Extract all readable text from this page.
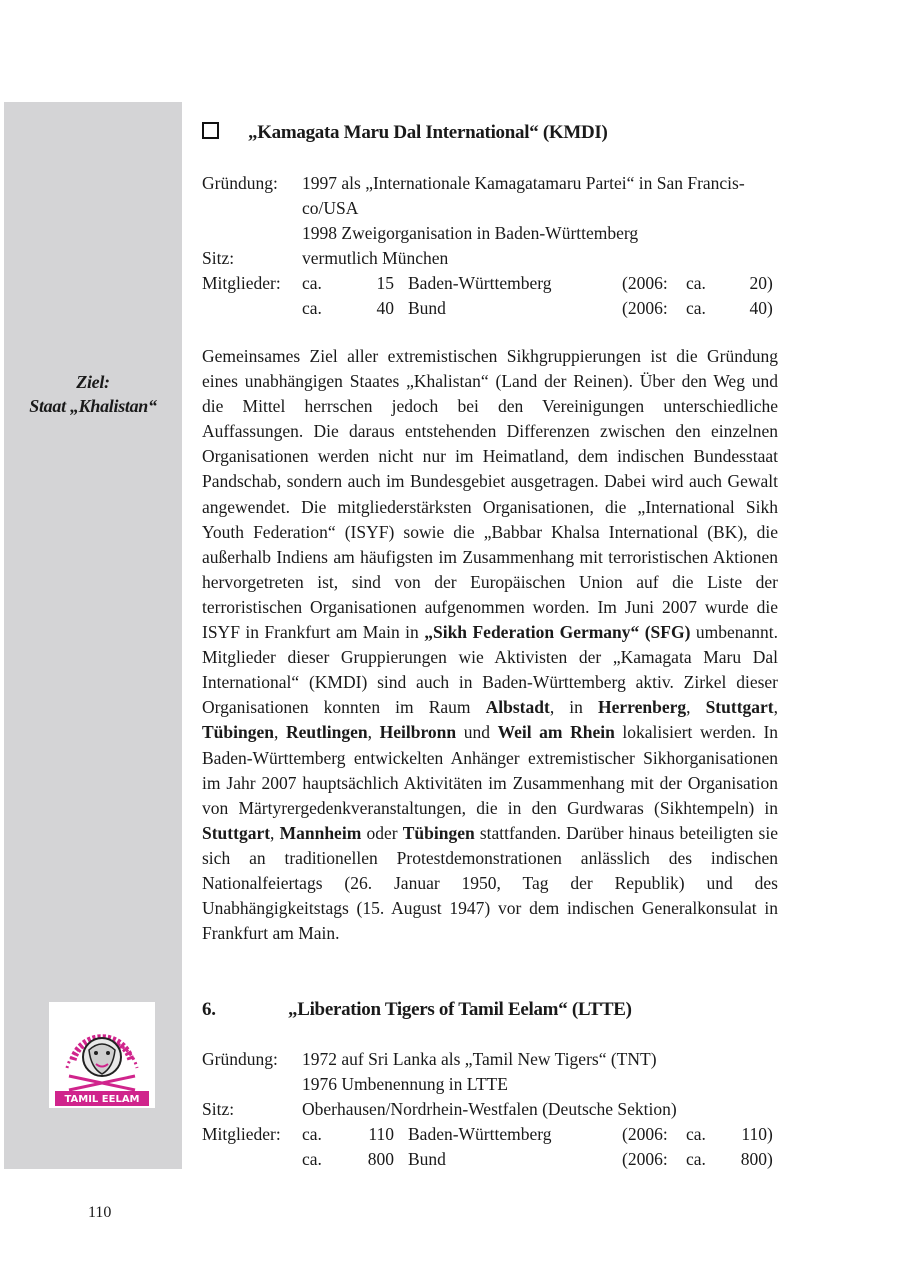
Ziel:
Staat „Khalistan“
TAMIL EELAM
„Kamagata Maru Dal International“ (KMDI)
Gründung: 1997 als „Internationale Kamagatamaru Partei“ in San Francis-
co/USA
1998 Zweigorganisation in Baden-Württemberg
Sitz:	vermutlich München
Mitglieder: ca.	15 Baden-Württemberg	(2006: ca.	20 )
ca.	40 Bund	(2006: ca.	40 )
Gemeinsames Ziel aller extremistischen Sikhgruppierungen ist die Gründung eines unabhängigen Staates „Khalistan“ (Land der Reinen). Über den Weg und die Mittel herrschen jedoch bei den Vereinigungen unterschiedliche Auffassungen. Die daraus entstehenden Differenzen zwischen den einzelnen Organisationen werden nicht nur im Heimatland, dem indischen Bundesstaat Pandschab, sondern auch im Bundesgebiet ausgetragen. Dabei wird auch Gewalt angewendet. Die mitgliederstärksten Organisationen, die „International Sikh Youth Federation“ (ISYF) sowie die „Babbar Khalsa International (BK), die außerhalb Indiens am häufigsten im Zusammenhang mit terroristischen Aktionen hervorgetreten ist, sind von der Europäischen Union auf die Liste der terroristischen Organisationen aufgenommen worden. Im Juni 2007 wurde die ISYF in Frankfurt am Main in „Sikh Federation Germany“ (SFG) umbenannt. Mitglieder dieser Gruppierungen wie Aktivisten der „Kamagata Maru Dal International“ (KMDI) sind auch in Baden-Württemberg aktiv. Zirkel dieser Organisationen konnten im Raum Albstadt, in Herrenberg, Stuttgart, Tübingen, Reutlingen, Heilbronn und Weil am Rhein lokalisiert werden. In Baden-Württemberg entwickelten Anhänger extremistischer Sikhorganisationen im Jahr 2007 hauptsächlich Aktivitäten im Zusammenhang mit der Organisation von Märtyrergedenkveranstaltungen, die in den Gurdwaras (Sikhtempeln) in Stuttgart, Mannheim oder Tübingen stattfanden. Darüber hinaus beteiligten sie sich an traditionellen Protestdemonstrationen anlässlich des indischen Nationalfeiertags (26. Januar 1950, Tag der Republik) und des Unabhängigkeitstags (15. August 1947) vor dem indischen Generalkonsulat in Frankfurt am Main.
6.	„Liberation Tigers of Tamil Eelam“ (LTTE)
Gründung: 1972 auf Sri Lanka als „Tamil New Tigers“ (TNT)
1976 Umbenennung in LTTE
Sitz:	Oberhausen/Nordrhein-Westfalen (Deutsche Sektion)
Mitglieder: ca.	110 Baden-Württemberg	(2006: ca.	110 )
ca.	800 Bund	(2006: ca.	800 )
110
